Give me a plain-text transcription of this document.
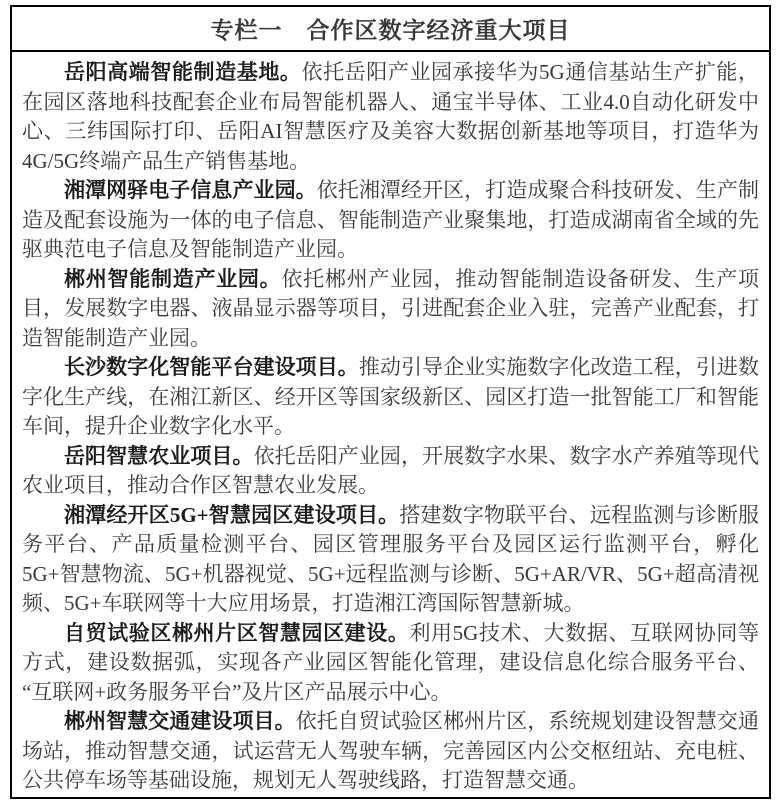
专栏一　合作区数字经济重大项目

岳阳高端智能制造基地。依托岳阳产业园承接华为5G通信基站生产扩能，在园区落地科技配套企业布局智能机器人、通宝半导体、工业4.0自动化研发中心、三纬国际打印、岳阳AI智慧医疗及美容大数据创新基地等项目，打造华为4G/5G终端产品生产销售基地。

湘潭网驿电子信息产业园。依托湘潭经开区，打造成聚合科技研发、生产制造及配套设施为一体的电子信息、智能制造产业聚集地，打造成湖南省全域的先驱典范电子信息及智能制造产业园。

郴州智能制造产业园。依托郴州产业园，推动智能制造设备研发、生产项目，发展数字电器、液晶显示器等项目，引进配套企业入驻，完善产业配套，打造智能制造产业园。

长沙数字化智能平台建设项目。推动引导企业实施数字化改造工程，引进数字化生产线，在湘江新区、经开区等国家级新区、园区打造一批智能工厂和智能车间，提升企业数字化水平。

岳阳智慧农业项目。依托岳阳产业园，开展数字水果、数字水产养殖等现代农业项目，推动合作区智慧农业发展。

湘潭经开区5G+智慧园区建设项目。搭建数字物联平台、远程监测与诊断服务平台、产品质量检测平台、园区管理服务平台及园区运行监测平台，孵化5G+智慧物流、5G+机器视觉、5G+远程监测与诊断、5G+AR/VR、5G+超高清视频、5G+车联网等十大应用场景，打造湘江湾国际智慧新城。

自贸试验区郴州片区智慧园区建设。利用5G技术、大数据、互联网协同等方式，建设数据弧，实现各产业园区智能化管理，建设信息化综合服务平台、“互联网+政务服务平台”及片区产品展示中心。

郴州智慧交通建设项目。依托自贸试验区郴州片区，系统规划建设智慧交通场站，推动智慧交通，试运营无人驾驶车辆，完善园区内公交枢纽站、充电桩、公共停车场等基础设施，规划无人驾驶线路，打造智慧交通。
